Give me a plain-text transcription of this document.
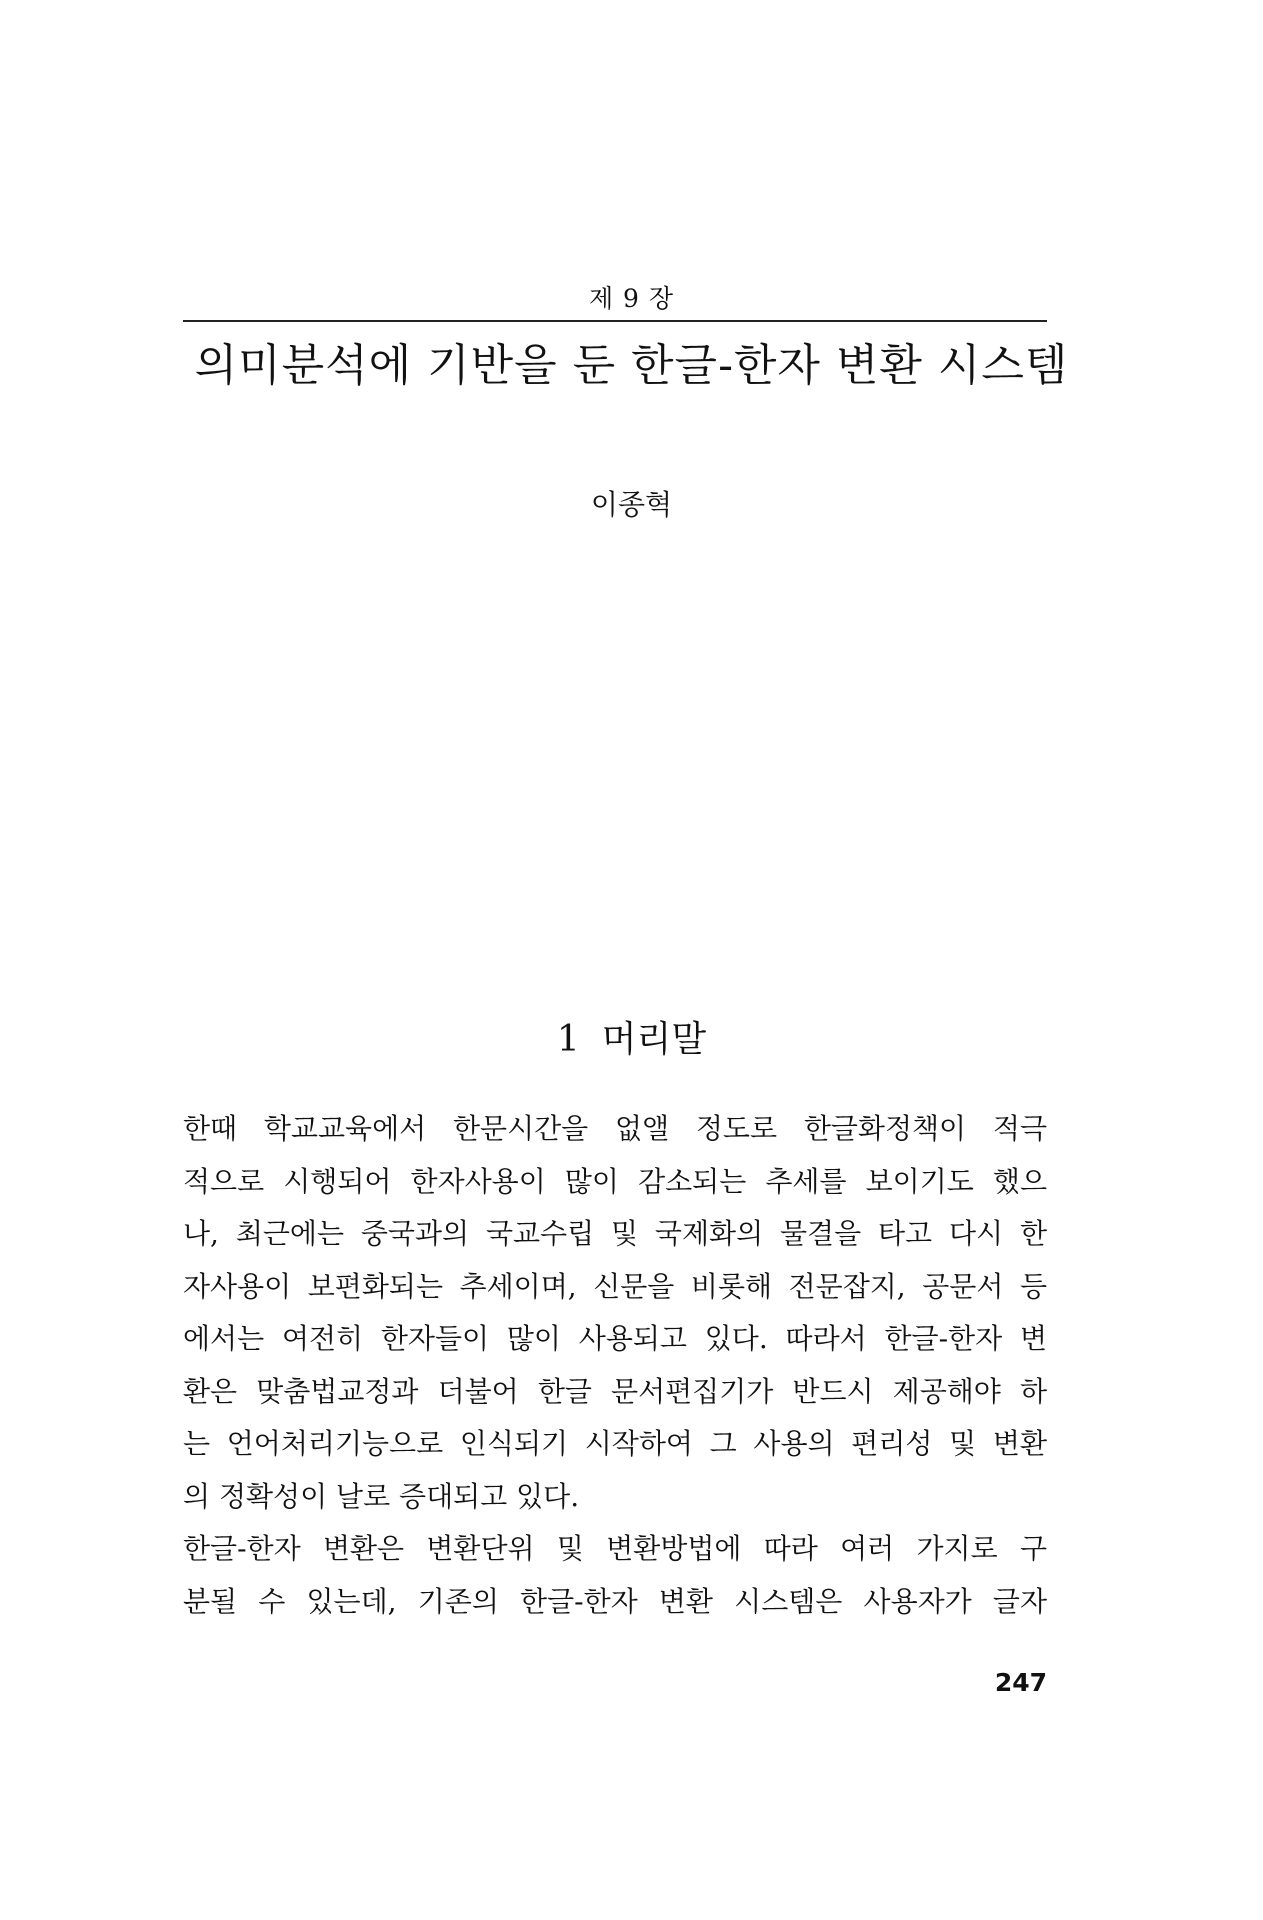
제 9 장
의미분석에 기반을 둔 한글-한자 변환 시스템
이종혁
1 머리말
한때 학교교육에서 한문시간을 없앨 정도로 한글화정책이 적극
적으로 시행되어 한자사용이 많이 감소되는 추세를 보이기도 했으
나, 최근에는 중국과의 국교수립 및 국제화의 물결을 타고 다시 한
자사용이 보편화되는 추세이며, 신문을 비롯해 전문잡지, 공문서 등
에서는 여전히 한자들이 많이 사용되고 있다. 따라서 한글-한자 변
환은 맞춤법교정과 더불어 한글 문서편집기가 반드시 제공해야 하
는 언어처리기능으로 인식되기 시작하여 그 사용의 편리성 및 변환
의 정확성이 날로 증대되고 있다.
한글-한자 변환은 변환단위 및 변환방법에 따라 여러 가지로 구
분될 수 있는데, 기존의 한글-한자 변환 시스템은 사용자가 글자
247
